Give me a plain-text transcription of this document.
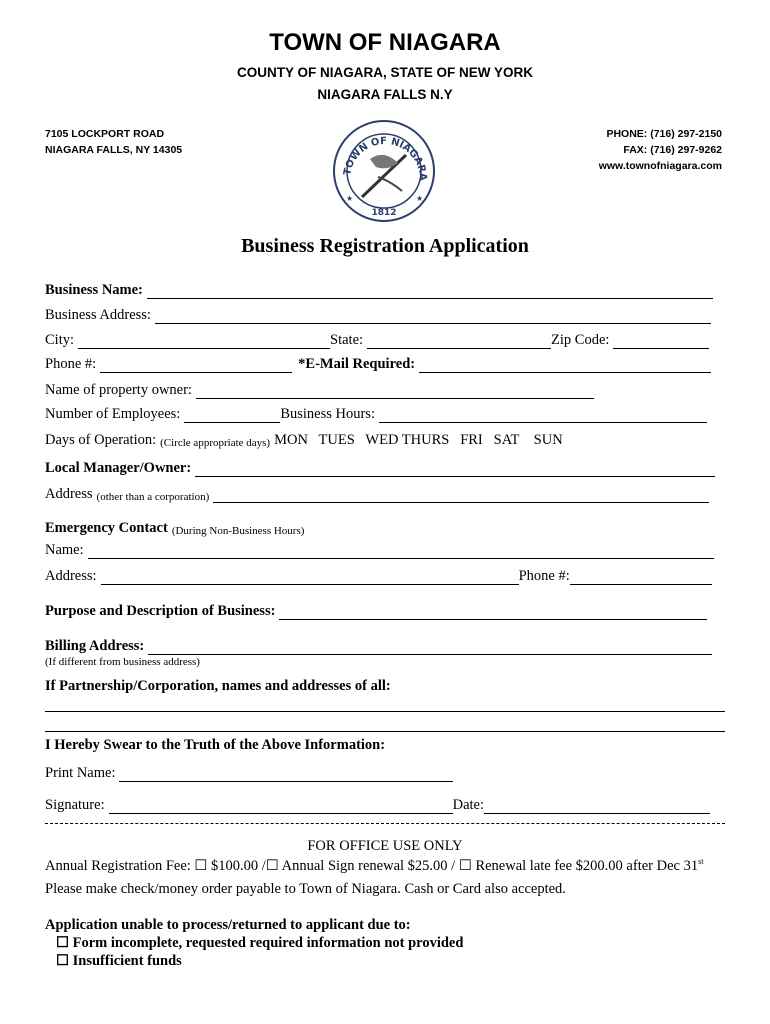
TOWN OF NIAGARA
COUNTY OF NIAGARA, STATE OF NEW YORK
NIAGARA FALLS N.Y
7105 LOCKPORT ROAD
NIAGARA FALLS, NY 14305
PHONE: (716) 297-2150
FAX: (716) 297-9262
www.townofniagara.com
TOWN OF NIAGARA
1812
★	★
Business Registration Application
Business Name:
Business Address:
City:	State:	Zip Code:
Phone #:	*E-Mail Required:
Name of property owner:
Number of Employees:	Business Hours:
Days of Operation: (Circle appropriate days) MON   TUES   WED THURS   FRI   SAT    SUN
Local Manager/Owner:
Address (other than a corporation)
Emergency Contact (During Non-Business Hours)
Name:
Address:	Phone #:
Purpose and Description of Business:
Billing Address:
(If different from business address)
If Partnership/Corporation, names and addresses of all:
I Hereby Swear to the Truth of the Above Information:
Print Name:
Signature:	Date:
FOR OFFICE USE ONLY
Annual Registration Fee: ☐ $100.00 /☐ Annual Sign renewal $25.00 / ☐ Renewal late fee $200.00 after Dec 31st
Please make check/money order payable to Town of Niagara. Cash or Card also accepted.
Application unable to process/returned to applicant due to:
☐ Form incomplete, requested required information not provided
☐ Insufficient funds
